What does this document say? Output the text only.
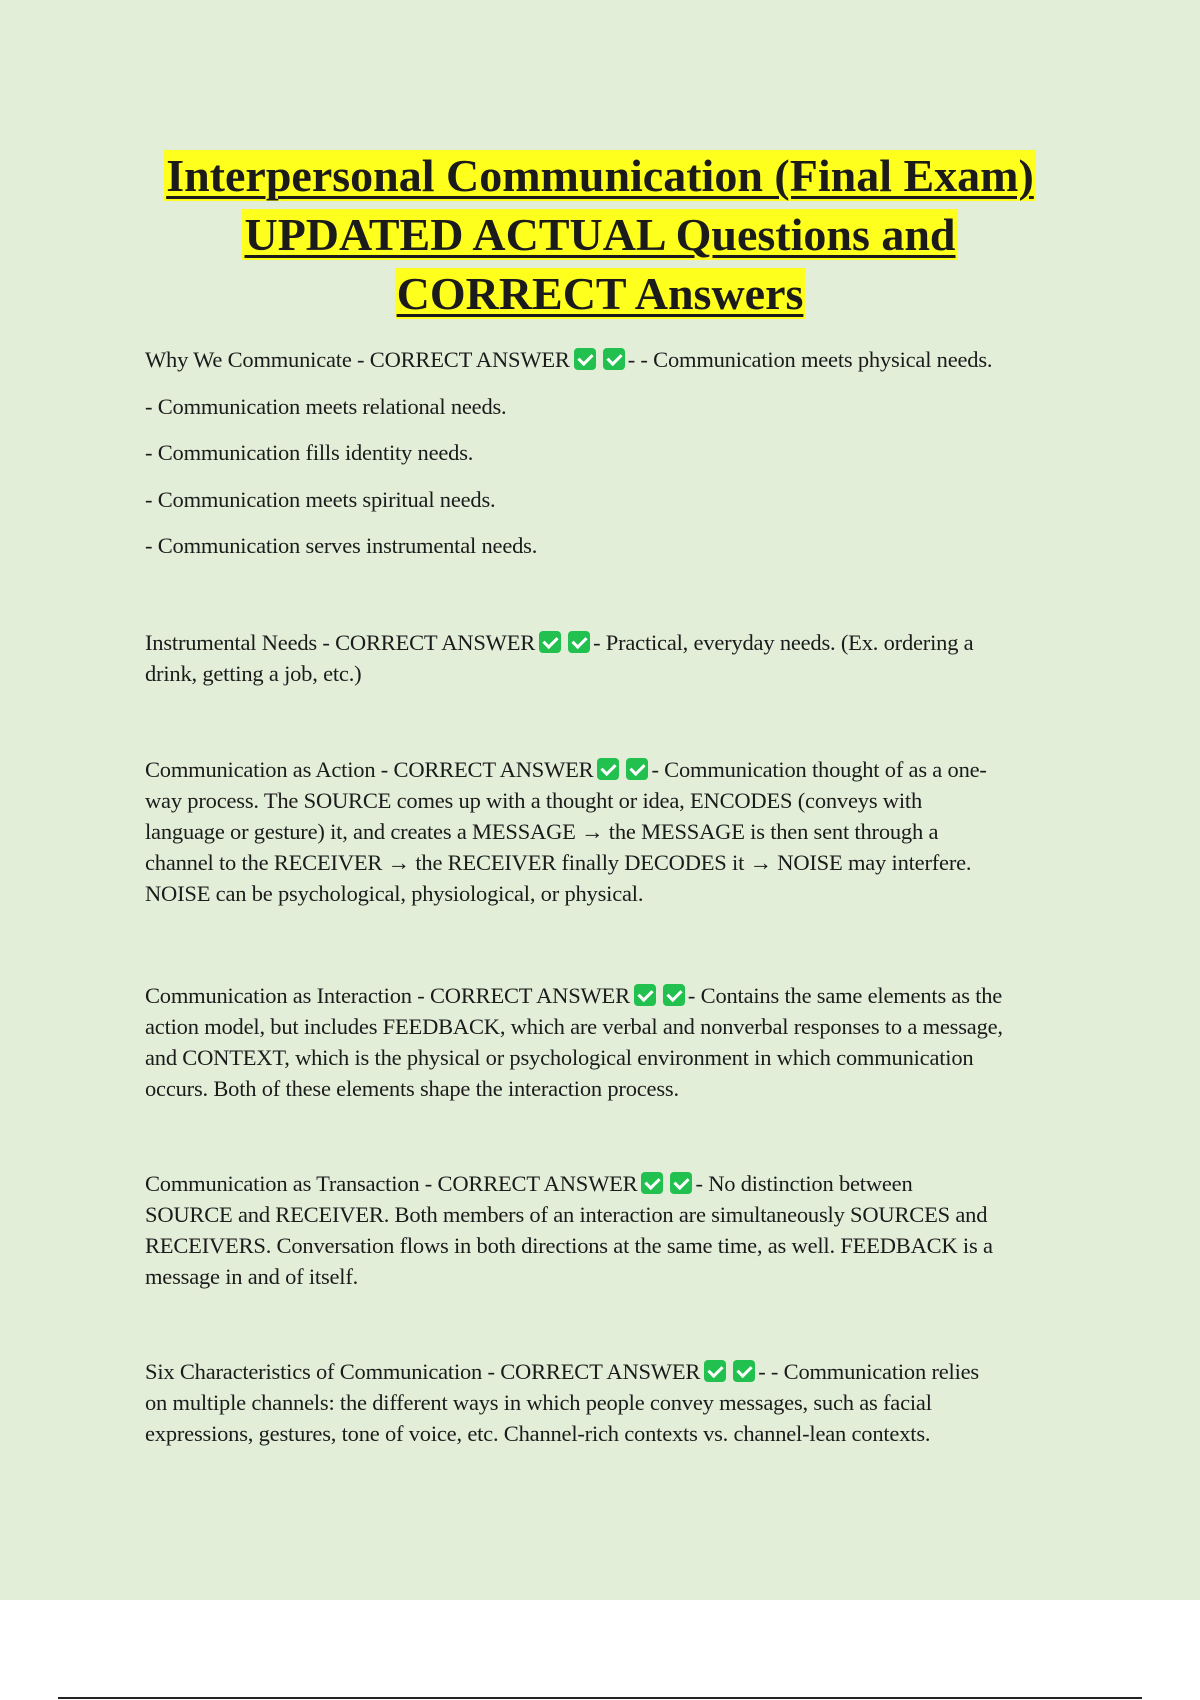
Interpersonal Communication (Final Exam)
UPDATED ACTUAL Questions and
CORRECT Answers
Why We Communicate - CORRECT ANSWER	- - Communication meets physical needs.
- Communication meets relational needs.
- Communication fills identity needs.
- Communication meets spiritual needs.
- Communication serves instrumental needs.
Instrumental Needs - CORRECT ANSWER	- Practical, everyday needs. (Ex. ordering a
drink, getting a job, etc.)
Communication as Action - CORRECT ANSWER	- Communication thought of as a one-
way process. The SOURCE comes up with a thought or idea, ENCODES (conveys with
language or gesture) it, and creates a MESSAGE → the MESSAGE is then sent through a
channel to the RECEIVER → the RECEIVER finally DECODES it → NOISE may interfere.
NOISE can be psychological, physiological, or physical.
Communication as Interaction - CORRECT ANSWER	- Contains the same elements as the
action model, but includes FEEDBACK, which are verbal and nonverbal responses to a message,
and CONTEXT, which is the physical or psychological environment in which communication
occurs. Both of these elements shape the interaction process.
Communication as Transaction - CORRECT ANSWER	- No distinction between
SOURCE and RECEIVER. Both members of an interaction are simultaneously SOURCES and
RECEIVERS. Conversation flows in both directions at the same time, as well. FEEDBACK is a
message in and of itself.
Six Characteristics of Communication - CORRECT ANSWER	- - Communication relies
on multiple channels: the different ways in which people convey messages, such as facial
expressions, gestures, tone of voice, etc. Channel-rich contexts vs. channel-lean contexts.
